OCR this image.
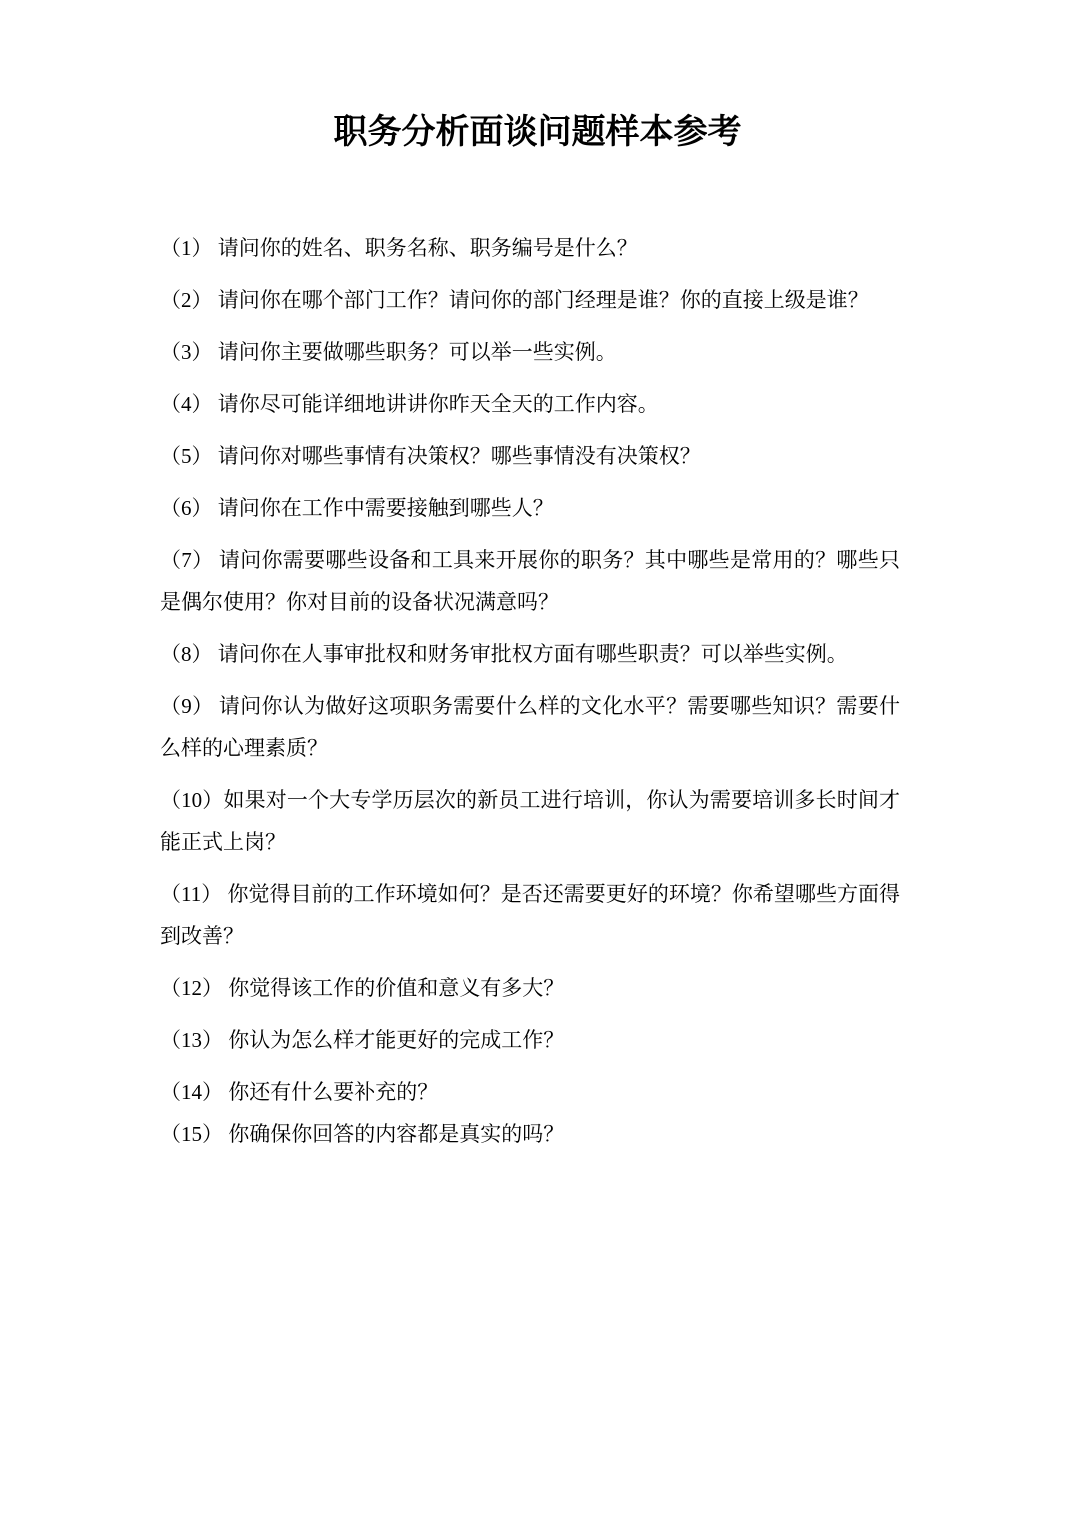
职务分析面谈问题样本参考

（1） 请问你的姓名、职务名称、职务编号是什么？

（2） 请问你在哪个部门工作？请问你的部门经理是谁？你的直接上级是谁？

（3） 请问你主要做哪些职务？可以举一些实例。

（4） 请你尽可能详细地讲讲你昨天全天的工作内容。

（5） 请问你对哪些事情有决策权？哪些事情没有决策权？

（6） 请问你在工作中需要接触到哪些人？

（7） 请问你需要哪些设备和工具来开展你的职务？其中哪些是常用的？哪些只是偶尔使用？你对目前的设备状况满意吗？

（8） 请问你在人事审批权和财务审批权方面有哪些职责？可以举些实例。

（9） 请问你认为做好这项职务需要什么样的文化水平？需要哪些知识？需要什么样的心理素质？

（10）如果对一个大专学历层次的新员工进行培训，你认为需要培训多长时间才能正式上岗？

（11） 你觉得目前的工作环境如何？是否还需要更好的环境？你希望哪些方面得到改善？

（12） 你觉得该工作的价值和意义有多大？

（13） 你认为怎么样才能更好的完成工作？

（14） 你还有什么要补充的？

（15） 你确保你回答的内容都是真实的吗？
